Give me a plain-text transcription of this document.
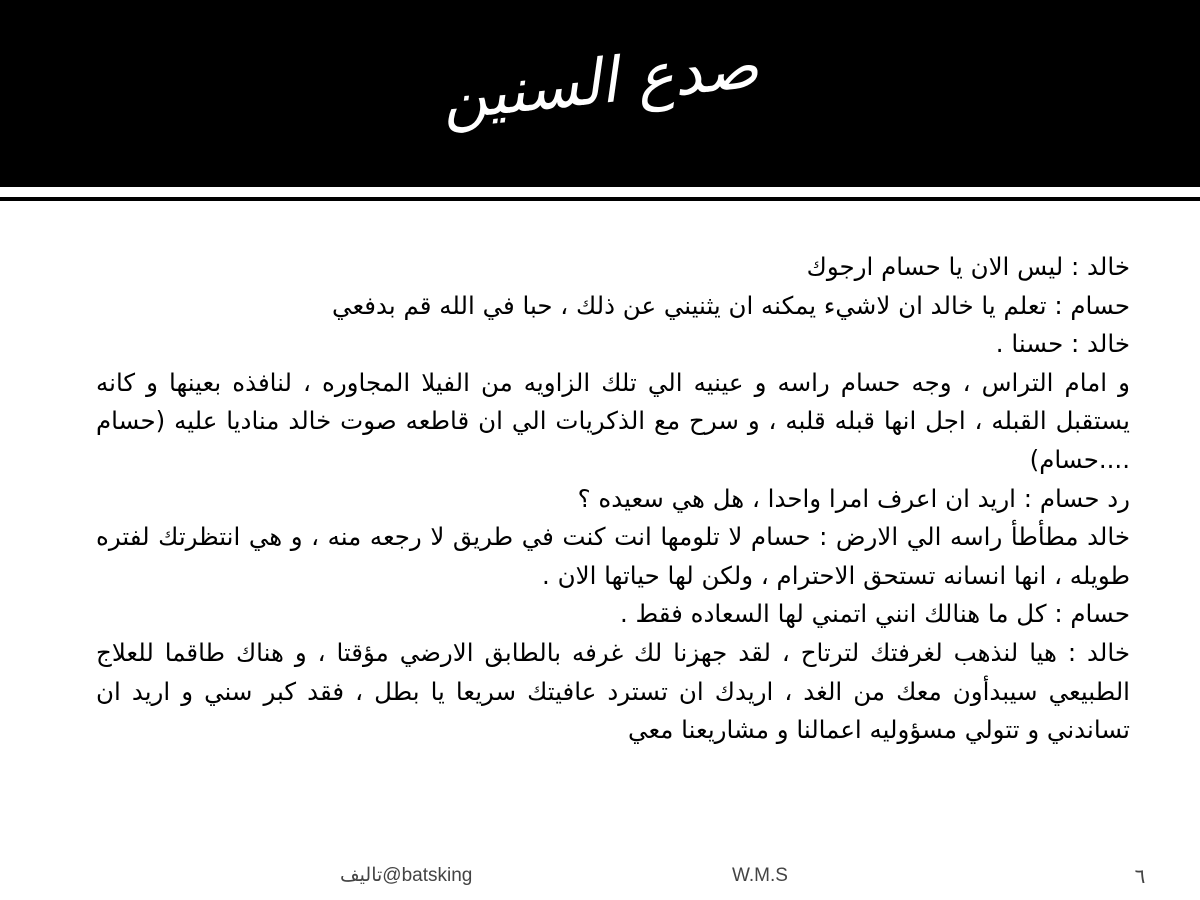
صدع السنين

خالد : ليس الان يا حسام ارجوك

حسام : تعلم يا خالد ان لاشيء يمكنه ان يثنيني عن ذلك ، حبا في الله قم بدفعي

خالد : حسنا .

و امام التراس ، وجه حسام راسه و عينيه الي تلك الزاويه من الفيلا المجاوره ، لنافذه بعينها و كانه يستقبل القبله ، اجل انها قبله قلبه ، و سرح مع الذكريات الي ان قاطعه صوت خالد مناديا عليه (حسام ....حسام)

رد حسام : اريد ان اعرف امرا واحدا ، هل هي سعيده ؟

خالد مطأطأ راسه الي الارض : حسام لا تلومها انت كنت في طريق لا رجعه منه ، و هي انتظرتك لفتره طويله ، انها انسانه تستحق الاحترام ، ولكن لها حياتها الان .

حسام : كل ما هنالك انني اتمني لها السعاده فقط .

خالد : هيا لنذهب لغرفتك لترتاح ، لقد جهزنا لك غرفه بالطابق الارضي مؤقتا ، و هناك طاقما للعلاج الطبيعي سيبدأون معك من الغد ، اريدك ان تسترد عافيتك سريعا يا بطل ، فقد كبر سني و اريد ان تساندني و تتولي مسؤوليه اعمالنا و مشاريعنا معي

تاليف@batsking	W.M.S	٦
